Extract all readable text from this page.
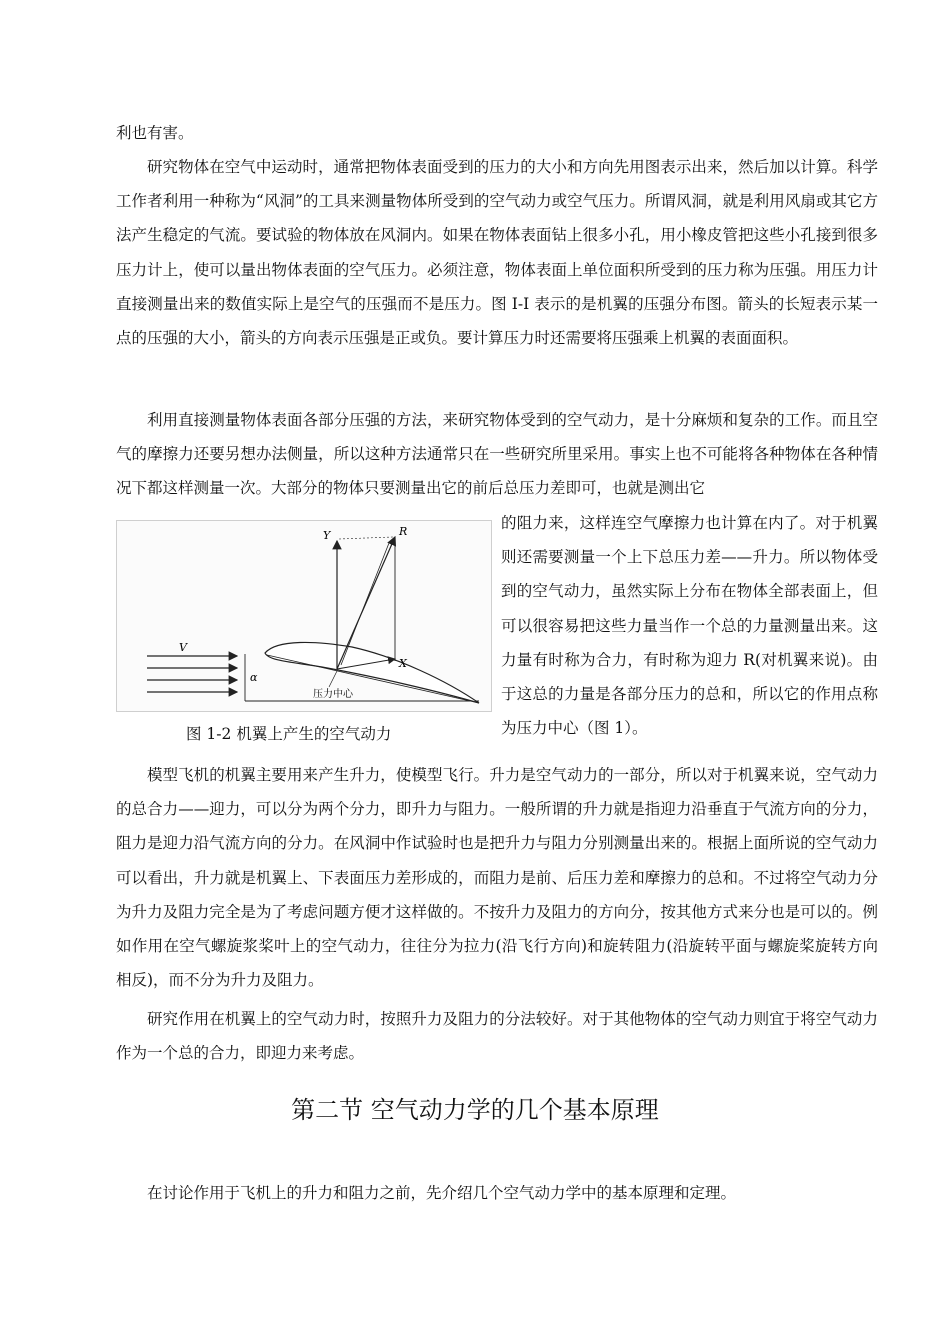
利也有害。

研究物体在空气中运动时，通常把物体表面受到的压力的大小和方向先用图表示出来，然后加以计算。科学工作者利用一种称为“风洞”的工具来测量物体所受到的空气动力或空气压力。所谓风洞，就是利用风扇或其它方法产生稳定的气流。要试验的物体放在风洞内。如果在物体表面钻上很多小孔，用小橡皮管把这些小孔接到很多压力计上，使可以量出物体表面的空气压力。必须注意，物体表面上单位面积所受到的压力称为压强。用压力计直接测量出来的数值实际上是空气的压强而不是压力。图 I-I 表示的是机翼的压强分布图。箭头的长短表示某一点的压强的大小，箭头的方向表示压强是正或负。要计算压力时还需要将压强乘上机翼的表面面积。

利用直接测量物体表面各部分压强的方法，来研究物体受到的空气动力，是十分麻烦和复杂的工作。而且空气的摩擦力还要另想办法侧量，所以这种方法通常只在一些研究所里采用。事实上也不可能将各种物体在各种情况下都这样测量一次。大部分的物体只要测量出它的前后总压力差即可，也就是测出它

V
α
Y	R
X
压力中心

的阻力来，这样连空气摩擦力也计算在内了。对于机翼则还需要测量一个上下总压力差——升力。所以物体受到的空气动力，虽然实际上分布在物体全部表面上，但可以很容易把这些力量当作一个总的力量测量出来。这力量有时称为合力，有时称为迎力 R(对机翼来说)。由于这总的力量是各部分压力的总和，所以它的作用点称为压力中心（图 1）。

图 1-2 机翼上产生的空气动力

模型飞机的机翼主要用来产生升力，使模型飞行。升力是空气动力的一部分，所以对于机翼来说，空气动力的总合力——迎力，可以分为两个分力，即升力与阻力。一般所谓的升力就是指迎力沿垂直于气流方向的分力，阻力是迎力沿气流方向的分力。在风洞中作试验时也是把升力与阻力分别测量出来的。根据上面所说的空气动力可以看出，升力就是机翼上、下表面压力差形成的，而阻力是前、后压力差和摩擦力的总和。不过将空气动力分为升力及阻力完全是为了考虑问题方便才这样做的。不按升力及阻力的方向分，按其他方式来分也是可以的。例如作用在空气螺旋浆桨叶上的空气动力，往往分为拉力(沿飞行方向)和旋转阻力(沿旋转平面与螺旋桨旋转方向相反)，而不分为升力及阻力。

研究作用在机翼上的空气动力时，按照升力及阻力的分法较好。对于其他物体的空气动力则宜于将空气动力作为一个总的合力，即迎力来考虑。

第二节 空气动力学的几个基本原理

在讨论作用于飞机上的升力和阻力之前，先介绍几个空气动力学中的基本原理和定理。
